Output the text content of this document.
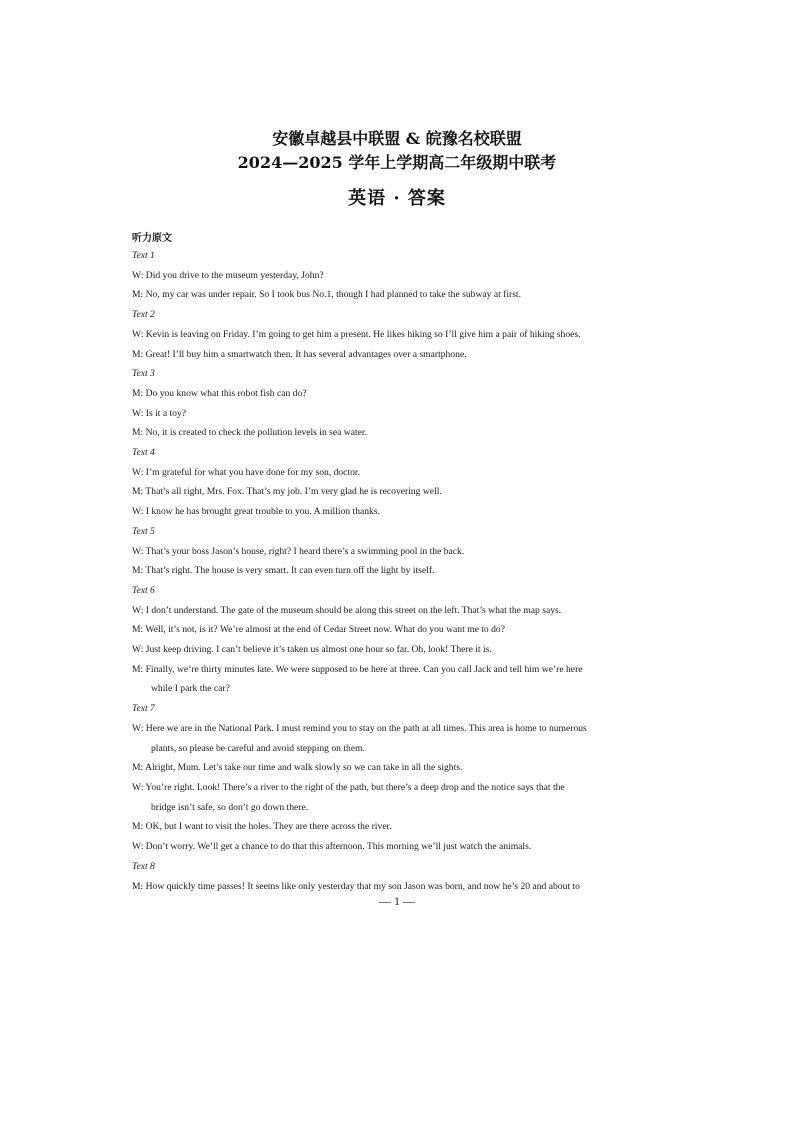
安徽卓越县中联盟 & 皖豫名校联盟
2024—2025 学年上学期高二年级期中联考
英语 · 答案
听力原文
Text 1
W: Did you drive to the museum yesterday, John?
M: No, my car was under repair. So I took bus No.1, though I had planned to take the subway at first.
Text 2
W: Kevin is leaving on Friday. I’m going to get him a present. He likes hiking so I’ll give him a pair of hiking shoes.
M: Great! I’ll buy him a smartwatch then. It has several advantages over a smartphone.
Text 3
M: Do you know what this robot fish can do?
W: Is it a toy?
M: No, it is created to check the pollution levels in sea water.
Text 4
W: I’m grateful for what you have done for my son, doctor.
M: That’s all right, Mrs. Fox. That’s my job. I’m very glad he is recovering well.
W: I know he has brought great trouble to you. A million thanks.
Text 5
W: That’s your boss Jason’s house, right? I heard there’s a swimming pool in the back.
M: That’s right. The house is very smart. It can even turn off the light by itself.
Text 6
W: I don’t understand. The gate of the museum should be along this street on the left. That’s what the map says.
M: Well, it’s not, is it? We’re almost at the end of Cedar Street now. What do you want me to do?
W: Just keep driving. I can’t believe it’s taken us almost one hour so far. Oh, look! There it is.
M: Finally, we’re thirty minutes late. We were supposed to be here at three. Can you call Jack and tell him we’re here
while I park the car?
Text 7
W: Here we are in the National Park. I must remind you to stay on the path at all times. This area is home to numerous
plants, so please be careful and avoid stepping on them.
M: Alright, Mum. Let’s take our time and walk slowly so we can take in all the sights.
W: You’re right. Look! There’s a river to the right of the path, but there’s a deep drop and the notice says that the
bridge isn’t safe, so don’t go down there.
M: OK, but I want to visit the holes. They are there across the river.
W: Don’t worry. We’ll get a chance to do that this afternoon. This morning we’ll just watch the animals.
Text 8
M: How quickly time passes! It seems like only yesterday that my son Jason was born, and now he’s 20 and about to
— 1 —
